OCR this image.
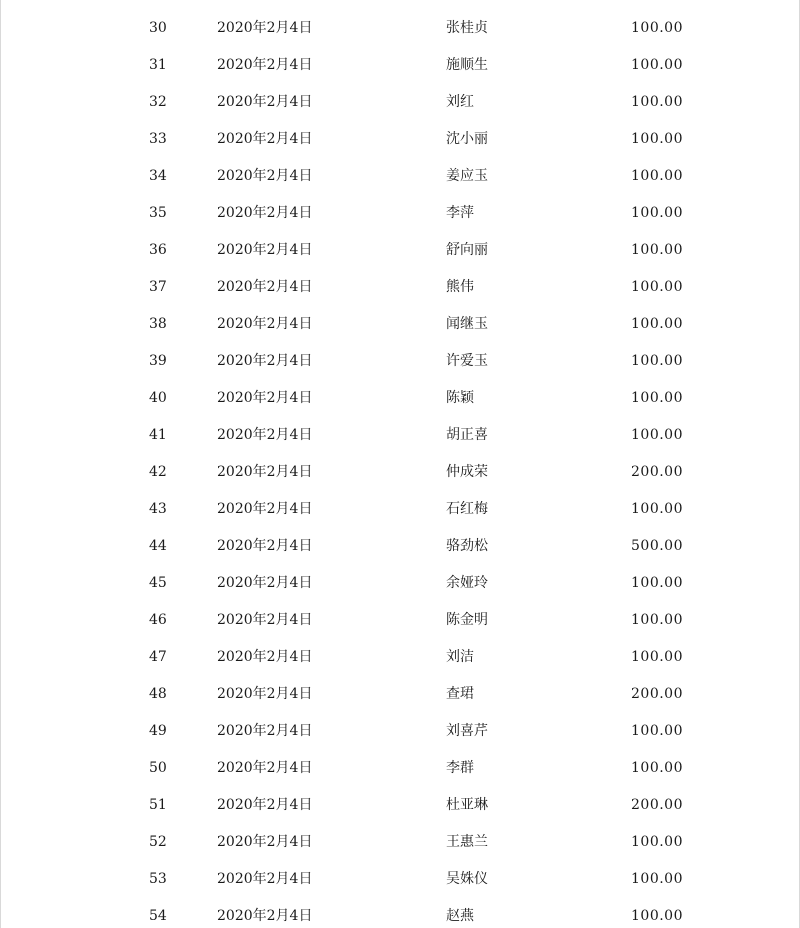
30	2020年2月4日	张桂贞	100.00
31	2020年2月4日	施顺生	100.00
32	2020年2月4日	刘红	100.00
33	2020年2月4日	沈小丽	100.00
34	2020年2月4日	姜应玉	100.00
35	2020年2月4日	李萍	100.00
36	2020年2月4日	舒向丽	100.00
37	2020年2月4日	熊伟	100.00
38	2020年2月4日	闻继玉	100.00
39	2020年2月4日	许爱玉	100.00
40	2020年2月4日	陈颖	100.00
41	2020年2月4日	胡正喜	100.00
42	2020年2月4日	仲成荣	200.00
43	2020年2月4日	石红梅	100.00
44	2020年2月4日	骆劲松	500.00
45	2020年2月4日	余娅玲	100.00
46	2020年2月4日	陈金明	100.00
47	2020年2月4日	刘洁	100.00
48	2020年2月4日	查珺	200.00
49	2020年2月4日	刘喜芹	100.00
50	2020年2月4日	李群	100.00
51	2020年2月4日	杜亚琳	200.00
52	2020年2月4日	王惠兰	100.00
53	2020年2月4日	吴姝仪	100.00
54	2020年2月4日	赵燕	100.00
